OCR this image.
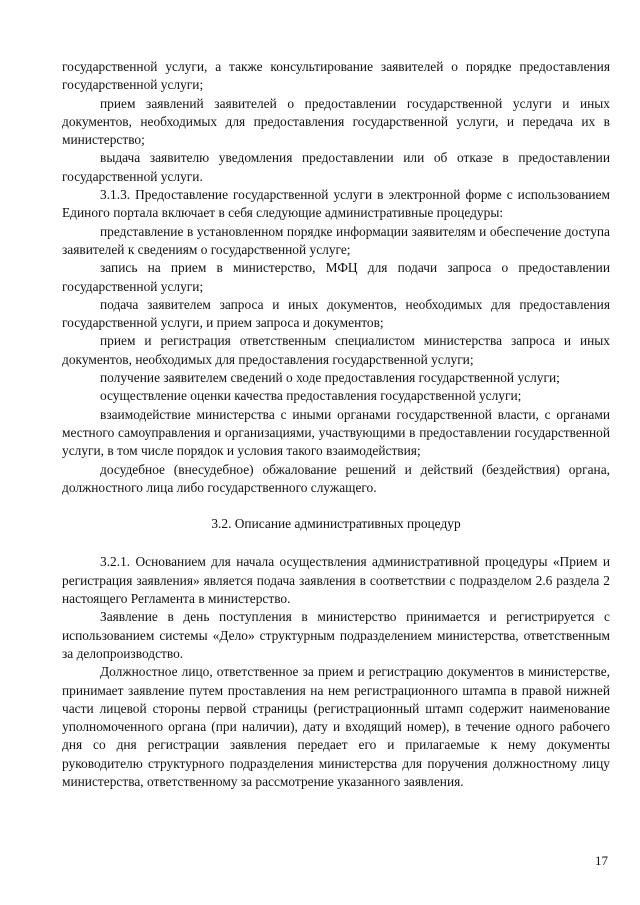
государственной услуги, а также консультирование заявителей о порядке предоставления государственной услуги;

прием заявлений заявителей о предоставлении государственной услуги и иных документов, необходимых для предоставления государственной услуги, и передача их в министерство;

выдача заявителю уведомления предоставлении или об отказе в предоставлении государственной услуги.

3.1.3. Предоставление государственной услуги в электронной форме с использованием Единого портала включает в себя следующие административные процедуры:

представление в установленном порядке информации заявителям и обеспечение доступа заявителей к сведениям о государственной услуге;

запись на прием в министерство, МФЦ для подачи запроса о предоставлении государственной услуги;

подача заявителем запроса и иных документов, необходимых для предоставления государственной услуги, и прием запроса и документов;

прием и регистрация ответственным специалистом министерства запроса и иных документов, необходимых для предоставления государственной услуги;

получение заявителем сведений о ходе предоставления государственной услуги;

осуществление оценки качества предоставления государственной услуги;

взаимодействие министерства с иными органами государственной власти, с органами местного самоуправления и организациями, участвующими в предоставлении государственной услуги, в том числе порядок и условия такого взаимодействия;

досудебное (внесудебное) обжалование решений и действий (бездействия) органа, должностного лица либо государственного служащего.

3.2. Описание административных процедур

3.2.1. Основанием для начала осуществления административной процедуры «Прием и регистрация заявления» является подача заявления в соответствии с подразделом 2.6 раздела 2 настоящего Регламента в министерство.

Заявление в день поступления в министерство принимается и регистрируется с использованием системы «Дело» структурным подразделением министерства, ответственным за делопроизводство.

Должностное лицо, ответственное за прием и регистрацию документов в министерстве, принимает заявление путем проставления на нем регистрационного штампа в правой нижней части лицевой стороны первой страницы (регистрационный штамп содержит наименование уполномоченного органа (при наличии), дату и входящий номер), в течение одного рабочего дня со дня регистрации заявления передает его и прилагаемые к нему документы руководителю структурного подразделения министерства для поручения должностному лицу министерства, ответственному за рассмотрение указанного заявления.

17
